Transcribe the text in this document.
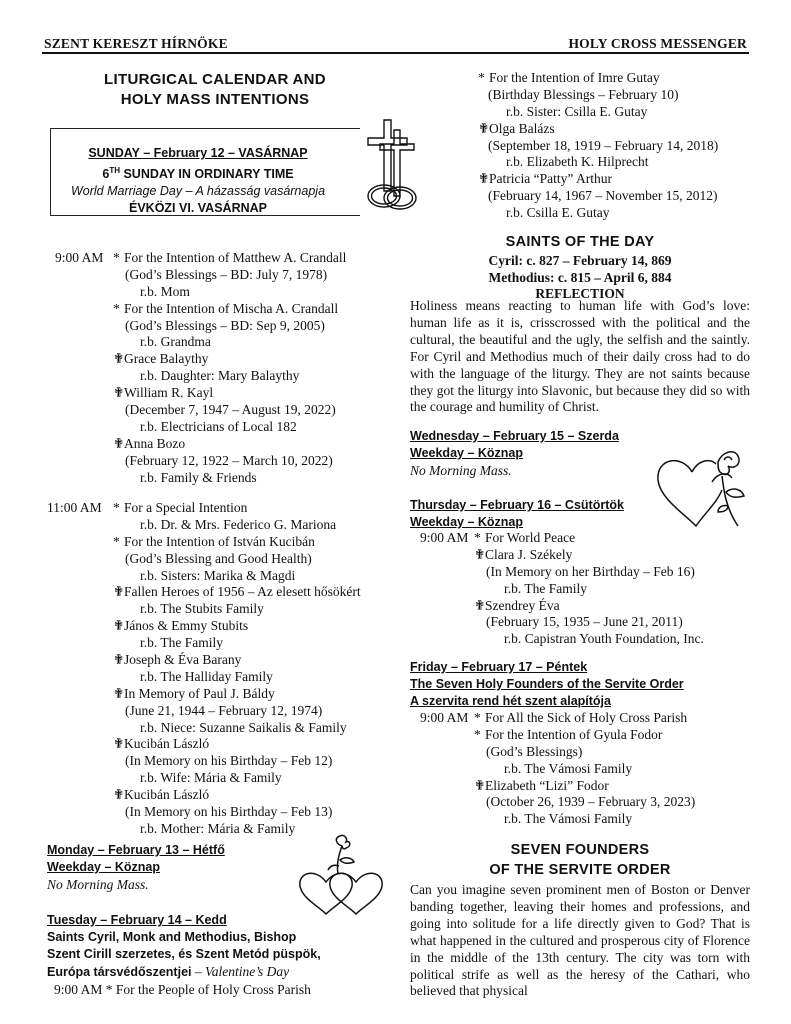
SZENT KERESZT HÍRNÖKE	HOLY CROSS MESSENGER
LITURGICAL CALENDAR AND
HOLY MASS INTENTIONS
SUNDAY – February 12 – VASÁRNAP
6TH SUNDAY IN ORDINARY TIME
World Marriage Day – A házasság vasárnapja
ÉVKÖZI VI. VASÁRNAP
9:00 AM * For the Intention of Matthew A. Crandall
(God’s Blessings – BD: July 7, 1978)
r.b. Mom
* For the Intention of Mischa A. Crandall
(God’s Blessings – BD: Sep 9, 2005)
r.b. Grandma
✟ Grace Balaythy
r.b. Daughter: Mary Balaythy
✟ William R. Kayl
(December 7, 1947 – August 19, 2022)
r.b. Electricians of Local 182
✟ Anna Bozo
(February 12, 1922 – March 10, 2022)
r.b. Family & Friends
11:00 AM * For a Special Intention
r.b. Dr. & Mrs. Federico G. Mariona
* For the Intention of István Kucibán
(God’s Blessing and Good Health)
r.b. Sisters: Marika & Magdi
✟ Fallen Heroes of 1956 – Az elesett hősökért
r.b. The Stubits Family
✟ János & Emmy Stubits
r.b. The Family
✟ Joseph & Éva Barany
r.b. The Halliday Family
✟ In Memory of Paul J. Báldy
(June 21, 1944 – February 12, 1974)
r.b. Niece: Suzanne Saikalis & Family
✟ Kucibán László
(In Memory on his Birthday – Feb 12)
r.b. Wife: Mária & Family
✟ Kucibán László
(In Memory on his Birthday – Feb 13)
r.b. Mother: Mária & Family
Monday – February 13 – Hétfő
Weekday – Köznap
No Morning Mass.
Tuesday – February 14 – Kedd
Saints Cyril, Monk and Methodius, Bishop
Szent Cirill szerzetes, és Szent Metód püspök,
Európa társvédőszentjei – Valentine’s Day
9:00 AM * For the People of Holy Cross Parish
* For the Intention of Imre Gutay
(Birthday Blessings – February 10)
r.b. Sister: Csilla E. Gutay
✟ Olga Balázs
(September 18, 1919 – February 14, 2018)
r.b. Elizabeth K. Hilprecht
✟ Patricia “Patty” Arthur
(February 14, 1967 – November 15, 2012)
r.b. Csilla E. Gutay
SAINTS OF THE DAY
Cyril: c. 827 – February 14, 869
Methodius: c. 815 – April 6, 884
REFLECTION
Holiness means reacting to human life with God’s love: human life as it is, crisscrossed with the political and the cultural, the beautiful and the ugly, the selfish and the saintly. For Cyril and Methodius much of their daily cross had to do with the language of the liturgy. They are not saints because they got the liturgy into Slavonic, but because they did so with the courage and humility of Christ.
Wednesday – February 15 – Szerda
Weekday – Köznap
No Morning Mass.
Thursday – February 16 – Csütörtök
Weekday – Köznap
9:00 AM * For World Peace
✟ Clara J. Székely
(In Memory on her Birthday – Feb 16)
r.b. The Family
✟ Szendrey Éva
(February 15, 1935 – June 21, 2011)
r.b. Capistran Youth Foundation, Inc.
Friday – February 17 – Péntek
The Seven Holy Founders of the Servite Order
A szervita rend hét szent alapítója
9:00 AM * For All the Sick of Holy Cross Parish
* For the Intention of Gyula Fodor
(God’s Blessings)
r.b. The Vámosi Family
✟ Elizabeth “Lizi” Fodor
(October 26, 1939 – February 3, 2023)
r.b. The Vámosi Family
SEVEN FOUNDERS
OF THE SERVITE ORDER
Can you imagine seven prominent men of Boston or Denver banding together, leaving their homes and professions, and going into solitude for a life directly given to God? That is what happened in the cultured and prosperous city of Florence in the middle of the 13th century. The city was torn with political strife as well as the heresy of the Cathari, who believed that physical
